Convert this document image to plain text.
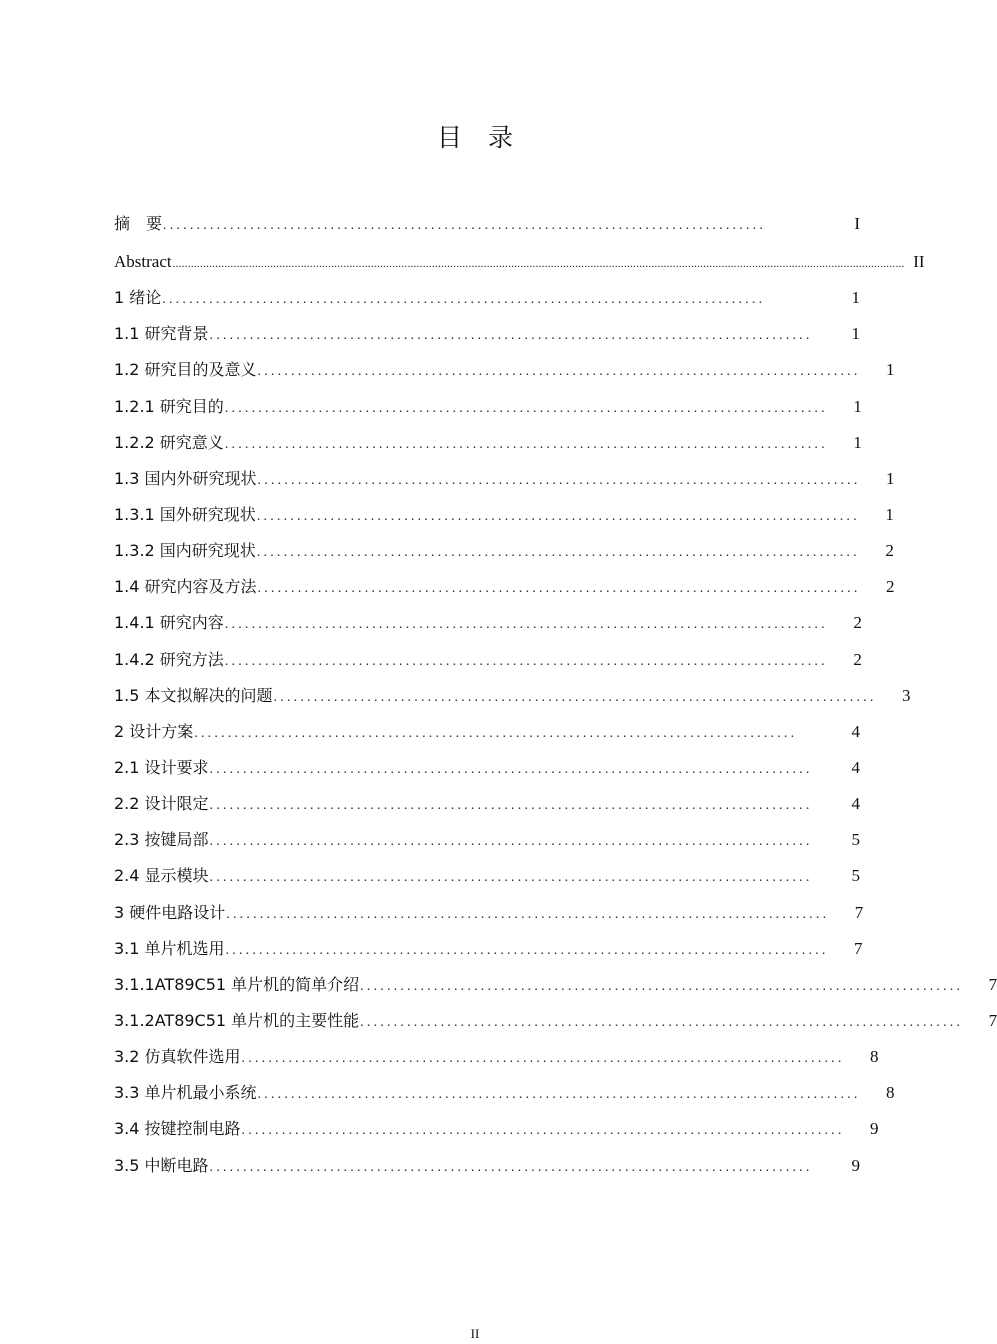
目录
摘　要 ..........................................................................................	I
Abstract ................................................................................................................................................................................................................................................ II
1 绪论 ..........................................................................................	1
1.1 研究背景 ..........................................................................................	1
1.2 研究目的及意义 ..........................................................................................	1
1.2.1 研究目的 ..........................................................................................	1
1.2.2 研究意义 ..........................................................................................	1
1.3 国内外研究现状 ..........................................................................................	1
1.3.1 国外研究现状 ..........................................................................................	1
1.3.2 国内研究现状 ..........................................................................................	2
1.4 研究内容及方法 ..........................................................................................	2
1.4.1 研究内容 ..........................................................................................	2
1.4.2 研究方法 ..........................................................................................	2
1.5 本文拟解决的问题 ..........................................................................................	3
2 设计方案 ..........................................................................................	4
2.1 设计要求 ..........................................................................................	4
2.2 设计限定 ..........................................................................................	4
2.3 按键局部 ..........................................................................................	5
2.4 显示模块 ..........................................................................................	5
3 硬件电路设计 ..........................................................................................	7
3.1 单片机选用 ..........................................................................................	7
3.1.1AT89C51 单片机的简单介绍 ..........................................................................................	7
3.1.2AT89C51 单片机的主要性能 ..........................................................................................	7
3.2 仿真软件选用 ..........................................................................................	8
3.3 单片机最小系统 ..........................................................................................	8
3.4 按键控制电路 ..........................................................................................	9
3.5 中断电路 ..........................................................................................	9
II
